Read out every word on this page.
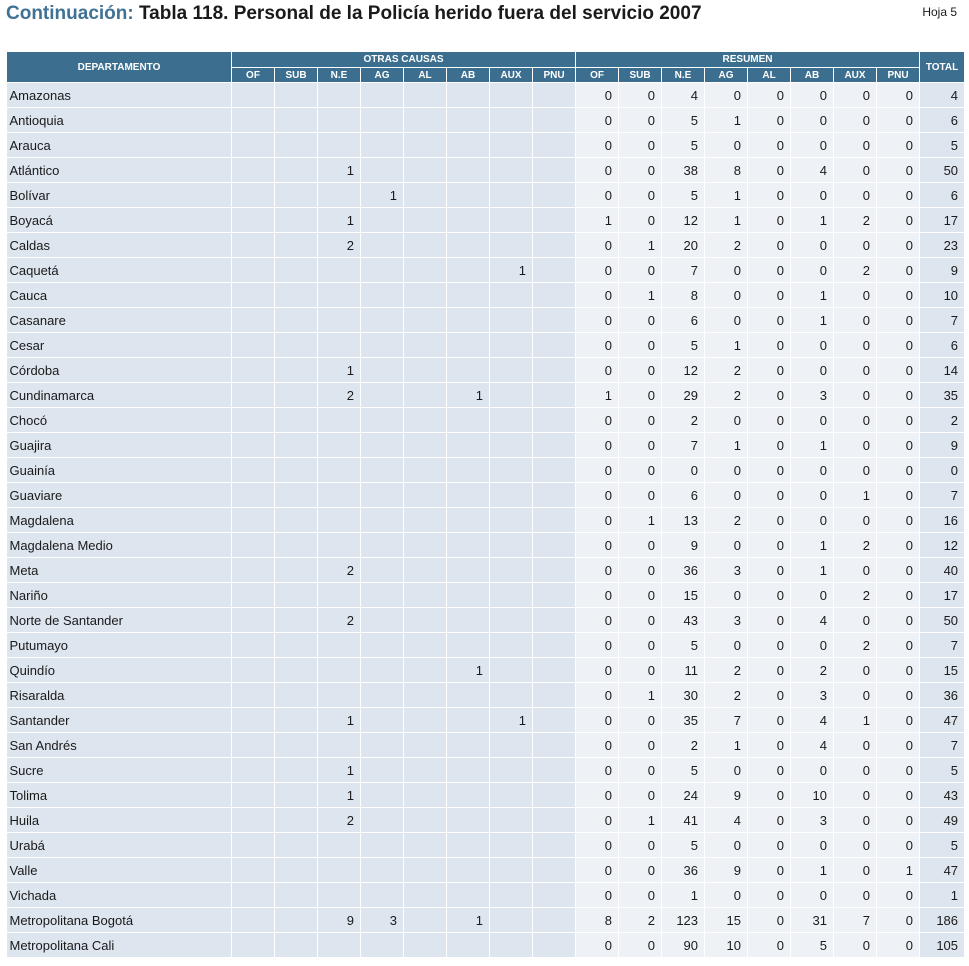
Continuación: Tabla 118. Personal de la Policía herido fuera del servicio 2007	Hoja 5
DEPARTAMENTO	OTRAS CAUSAS								RESUMEN								TOTAL
	OF	SUB	N.E	AG	AL	AB	AUX	PNU	OF	SUB	N.E	AG	AL	AB	AUX	PNU	
Amazonas									0	0	4	0	0	0	0	0	4
Antioquia									0	0	5	1	0	0	0	0	6
Arauca									0	0	5	0	0	0	0	0	5
Atlántico			1						0	0	38	8	0	4	0	0	50
Bolívar				1					0	0	5	1	0	0	0	0	6
Boyacá			1						1	0	12	1	0	1	2	0	17
Caldas			2						0	1	20	2	0	0	0	0	23
Caquetá							1		0	0	7	0	0	0	2	0	9
Cauca									0	1	8	0	0	1	0	0	10
Casanare									0	0	6	0	0	1	0	0	7
Cesar									0	0	5	1	0	0	0	0	6
Córdoba			1						0	0	12	2	0	0	0	0	14
Cundinamarca			2			1			1	0	29	2	0	3	0	0	35
Chocó									0	0	2	0	0	0	0	0	2
Guajira									0	0	7	1	0	1	0	0	9
Guainía									0	0	0	0	0	0	0	0	0
Guaviare									0	0	6	0	0	0	1	0	7
Magdalena									0	1	13	2	0	0	0	0	16
Magdalena Medio									0	0	9	0	0	1	2	0	12
Meta			2						0	0	36	3	0	1	0	0	40
Nariño									0	0	15	0	0	0	2	0	17
Norte de Santander			2						0	0	43	3	0	4	0	0	50
Putumayo									0	0	5	0	0	0	2	0	7
Quindío						1			0	0	11	2	0	2	0	0	15
Risaralda									0	1	30	2	0	3	0	0	36
Santander			1				1		0	0	35	7	0	4	1	0	47
San Andrés									0	0	2	1	0	4	0	0	7
Sucre			1						0	0	5	0	0	0	0	0	5
Tolima			1						0	0	24	9	0	10	0	0	43
Huila			2						0	1	41	4	0	3	0	0	49
Urabá									0	0	5	0	0	0	0	0	5
Valle									0	0	36	9	0	1	0	1	47
Vichada									0	0	1	0	0	0	0	0	1
Metropolitana Bogotá			9	3		1			8	2	123	15	0	31	7	0	186
Metropolitana Cali									0	0	90	10	0	5	0	0	105
